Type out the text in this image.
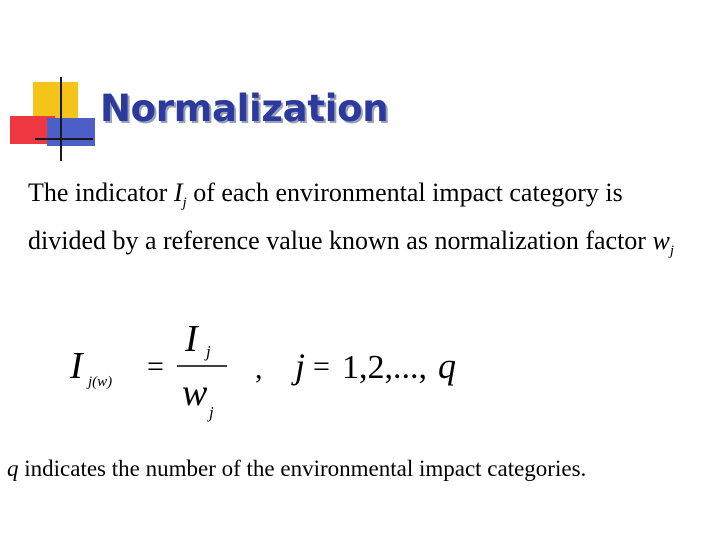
Normalization

The indicator $I_j$ of each environmental impact category is divided by a reference value known as normalization factor $w_j$

I j(w) =
I j
w j
, j = 1,2,..., q

q indicates the number of the environmental impact categories.
